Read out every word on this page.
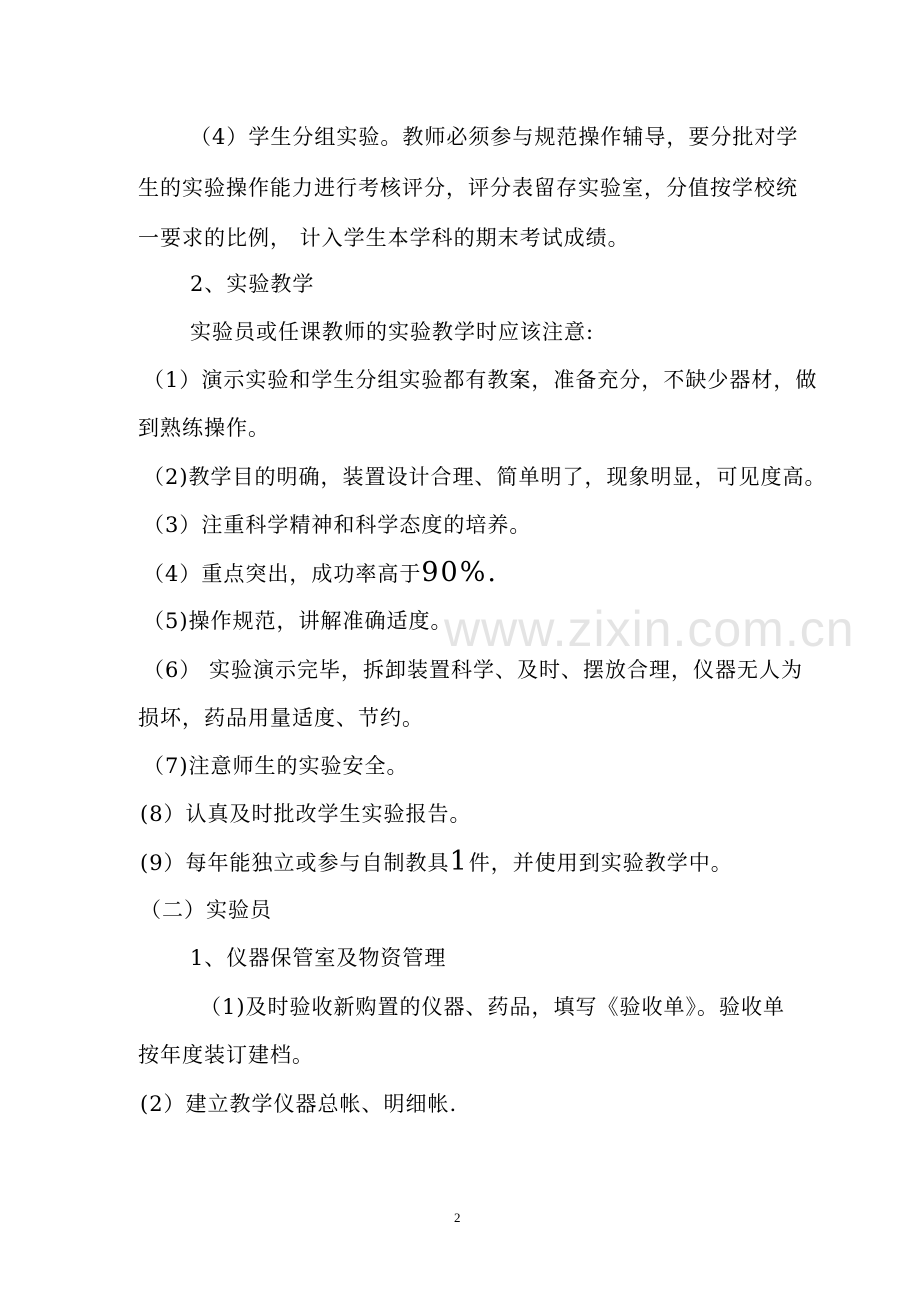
www.zixin.com.cn
（4）学生分组实验。教师必须参与规范操作辅导，要分批对学
生的实验操作能力进行考核评分，评分表留存实验室，分值按学校统
一要求的比例， 计入学生本学科的期末考试成绩。
2、实验教学
实验员或任课教师的实验教学时应该注意:
（1）演示实验和学生分组实验都有教案，准备充分，不缺少器材，做
到熟练操作。
（2)教学目的明确，装置设计合理、简单明了，现象明显，可见度高。
（3）注重科学精神和科学态度的培养。
（4）重点突出，成功率高于90%.
（5)操作规范，讲解准确适度。
（6） 实验演示完毕，拆卸装置科学、及时、摆放合理，仪器无人为
损坏，药品用量适度、节约。
（7)注意师生的实验安全。
(8）认真及时批改学生实验报告。
(9）每年能独立或参与自制教具1件，并使用到实验教学中。
（二）实验员
1、仪器保管室及物资管理
（1)及时验收新购置的仪器、药品，填写《验收单》。验收单
按年度装订建档。
(2）建立教学仪器总帐、明细帐.
2
